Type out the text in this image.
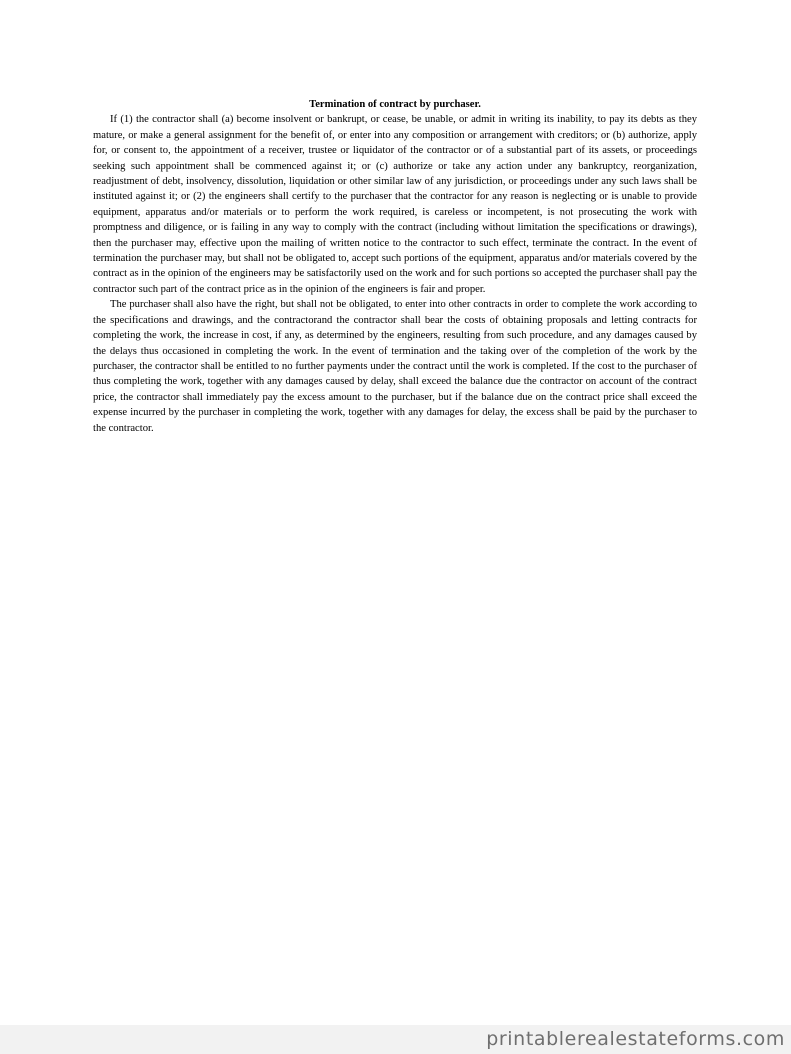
Termination of contract by purchaser.

If (1) the contractor shall (a) become insolvent or bankrupt, or cease, be unable, or admit in writing its inability, to pay its debts as they mature, or make a general assignment for the benefit of, or enter into any composition or arrangement with creditors; or (b) authorize, apply for, or consent to, the appointment of a receiver, trustee or liquidator of the contractor or of a substantial part of its assets, or proceedings seeking such appointment shall be commenced against it; or (c) authorize or take any action under any bankruptcy, reorganization, readjustment of debt, insolvency, dissolution, liquidation or other similar law of any jurisdiction, or proceedings under any such laws shall be instituted against it; or (2) the engineers shall certify to the purchaser that the contractor for any reason is neglecting or is unable to provide equipment, apparatus and/or materials or to perform the work required, is careless or incompetent, is not prosecuting the work with promptness and diligence, or is failing in any way to comply with the contract (including without limitation the specifications or drawings), then the purchaser may, effective upon the mailing of written notice to the contractor to such effect, terminate the contract. In the event of termination the purchaser may, but shall not be obligated to, accept such portions of the equipment, apparatus and/or materials covered by the contract as in the opinion of the engineers may be satisfactorily used on the work and for such portions so accepted the purchaser shall pay the contractor such part of the contract price as in the opinion of the engineers is fair and proper.

The purchaser shall also have the right, but shall not be obligated, to enter into other contracts in order to complete the work according to the specifications and drawings, and the contractorand the contractor shall bear the costs of obtaining proposals and letting contracts for completing the work, the increase in cost, if any, as determined by the engineers, resulting from such procedure, and any damages caused by the delays thus occasioned in completing the work. In the event of termination and the taking over of the completion of the work by the purchaser, the contractor shall be entitled to no further payments under the contract until the work is completed. If the cost to the purchaser of thus completing the work, together with any damages caused by delay, shall exceed the balance due the contractor on account of the contract price, the contractor shall immediately pay the excess amount to the purchaser, but if the balance due on the contract price shall exceed the expense incurred by the purchaser in completing the work, together with any damages for delay, the excess shall be paid by the purchaser to the contractor.

printablerealestateforms.com
